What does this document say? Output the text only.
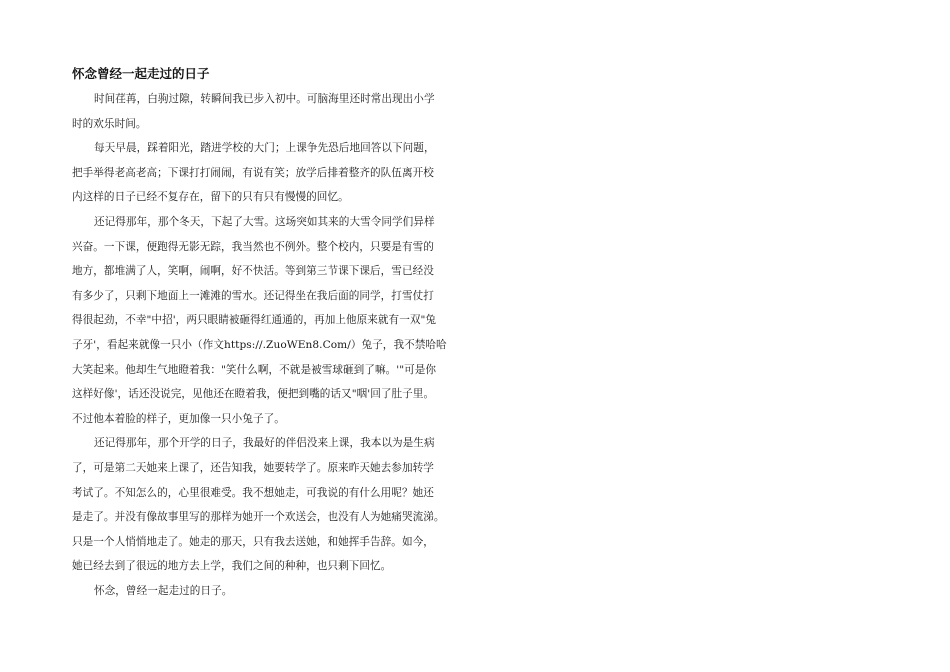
怀念曾经一起走过的日子
时间荏苒，白驹过隙，转瞬间我已步入初中。可脑海里还时常出现出小学
时的欢乐时间。
每天早晨，踩着阳光，踏进学校的大门；上课争先恐后地回答以下问题，
把手举得老高老高；下课打打闹闹，有说有笑；放学后排着整齐的队伍离开校
内这样的日子已经不复存在，留下的只有只有慢慢的回忆。
还记得那年，那个冬天，下起了大雪。这场突如其来的大雪令同学们异样
兴奋。一下课，便跑得无影无踪，我当然也不例外。整个校内，只要是有雪的
地方，都堆满了人，笑啊，闹啊，好不快活。等到第三节课下课后，雪已经没
有多少了，只剩下地面上一滩滩的雪水。还记得坐在我后面的同学，打雪仗打
得很起劲，不幸"中招'，两只眼睛被砸得红通通的，再加上他原来就有一双"兔
子牙'，看起来就像一只小（作文https://.ZuoWEn8.Com/）兔子，我不禁哈哈
大笑起来。他却生气地瞪着我："笑什么啊，不就是被雪球砸到了嘛。'"可是你
这样好像'，话还没说完，见他还在瞪着我，便把到嘴的话又"咽'回了肚子里。
不过他本着脸的样子，更加像一只小兔子了。
还记得那年，那个开学的日子，我最好的伴侣没来上课，我本以为是生病
了，可是第二天她来上课了，还告知我，她要转学了。原来昨天她去参加转学
考试了。不知怎么的，心里很难受。我不想她走，可我说的有什么用呢？她还
是走了。并没有像故事里写的那样为她开一个欢送会，也没有人为她痛哭流涕。
只是一个人悄悄地走了。她走的那天，只有我去送她，和她挥手告辞。如今，
她已经去到了很远的地方去上学，我们之间的种种，也只剩下回忆。
怀念，曾经一起走过的日子。
